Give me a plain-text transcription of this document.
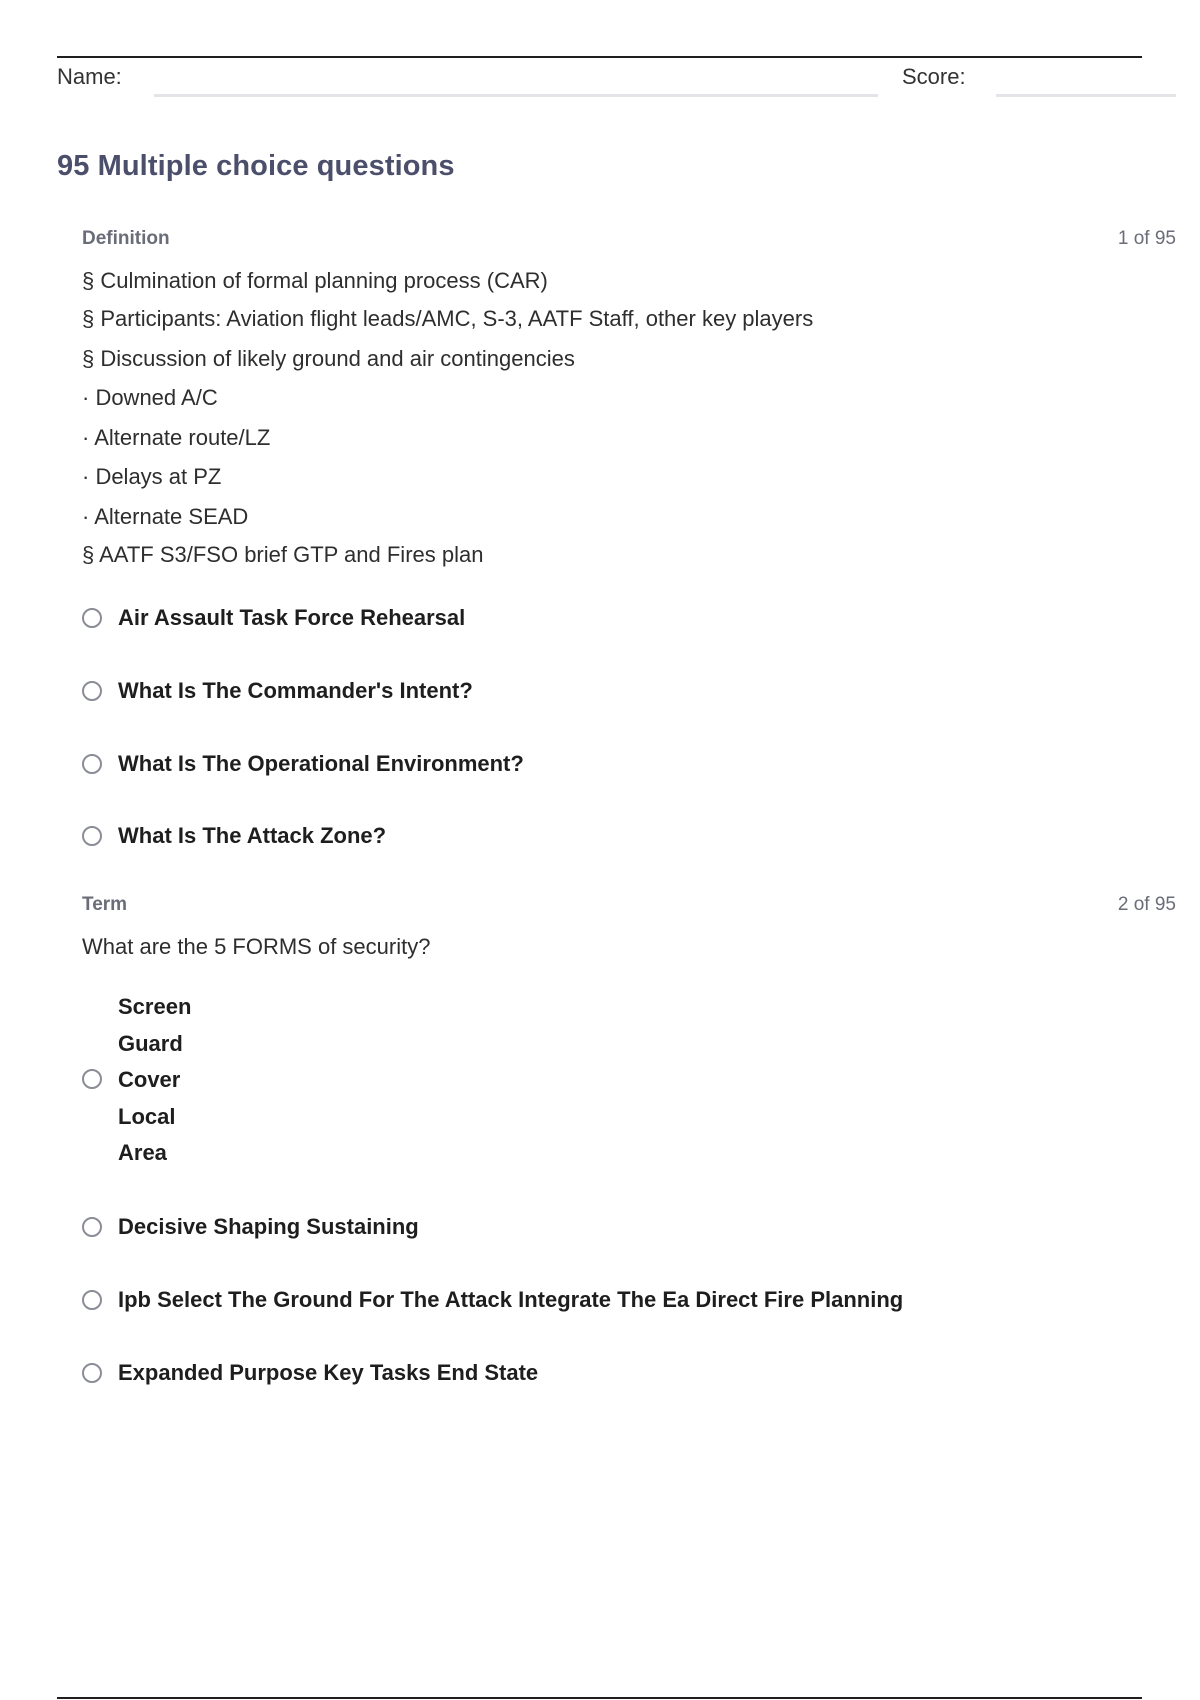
Name:	Score:
95 Multiple choice questions
Definition	1 of 95
§ Culmination of formal planning process (CAR)
§ Participants: Aviation flight leads/AMC, S-3, AATF Staff, other key players
§ Discussion of likely ground and air contingencies
· Downed A/C
· Alternate route/LZ
· Delays at PZ
· Alternate SEAD
§ AATF S3/FSO brief GTP and Fires plan
Air Assault Task Force Rehearsal
What Is The Commander's Intent?
What Is The Operational Environment?
What Is The Attack Zone?
Term	2 of 95
What are the 5 FORMS of security?
Screen
Guard
Cover
Local
Area
Decisive Shaping Sustaining
Ipb Select The Ground For The Attack Integrate The Ea Direct Fire Planning
Expanded Purpose Key Tasks End State
